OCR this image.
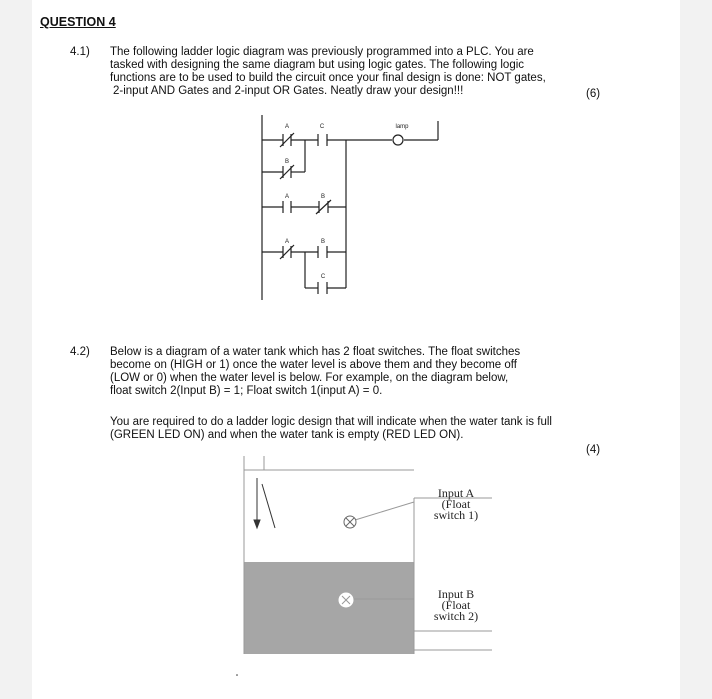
QUESTION 4
4.1) The following ladder logic diagram was previously programmed into a PLC. You are
tasked with designing the same diagram but using logic gates. The following logic
functions are to be used to build the circuit once your final design is done: NOT gates,
2-input AND Gates and 2-input OR Gates. Neatly draw your design!!!	(6)
A	C	lamp
B
A	B
A	B
C
4.2) Below is a diagram of a water tank which has 2 float switches. The float switches
become on (HIGH or 1) once the water level is above them and they become off
(LOW or 0) when the water level is below. For example, on the diagram below,
float switch 2(Input B) = 1; Float switch 1(input A) = 0.
You are required to do a ladder logic design that will indicate when the water tank is full
(GREEN LED ON) and when the water tank is empty (RED LED ON).
(4)
Input A
(Float
switch 1)
Input B
(Float
switch 2)
